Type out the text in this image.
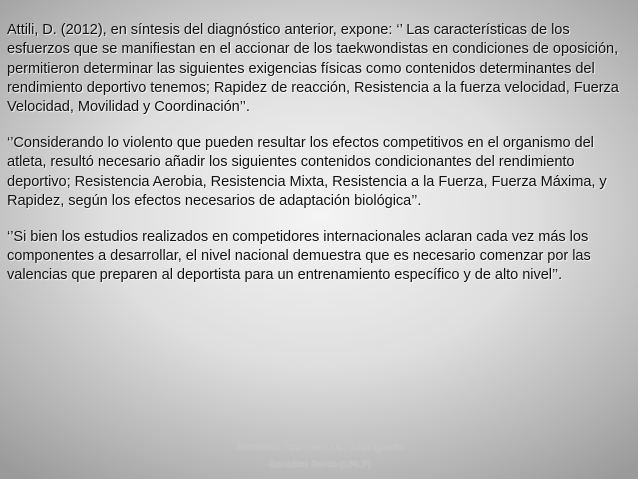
Attili, D. (2012), en síntesis del diagnóstico anterior, expone: ‘’ Las características de los esfuerzos que se manifiestan en el accionar de los taekwondistas en condiciones de oposición, permitieron determinar las siguientes exigencias físicas como contenidos determinantes del rendimiento deportivo tenemos; Rapidez de reacción, Resistencia a la fuerza velocidad, Fuerza Velocidad, Movilidad y Coordinación’’.

‘’Considerando lo violento que pueden resultar los efectos competitivos en el organismo del atleta, resultó necesario añadir los siguientes contenidos condicionantes del rendimiento deportivo; Resistencia Aerobia, Resistencia Mixta, Resistencia a la Fuerza, Fuerza Máxima, y Rapidez, según los efectos necesarios de adaptación biológica’’.

‘’Si bien los estudios realizados en competidores internacionales aclaran cada vez más los componentes a desarrollar, el nivel nacional demuestra que es necesario comenzar por las valencias que preparen al deportista para un entrenamiento específico y de alto nivel’’.

Seminario: Tae-Kwon-Do / Juan Ignacio
González Borda (UNLP)
